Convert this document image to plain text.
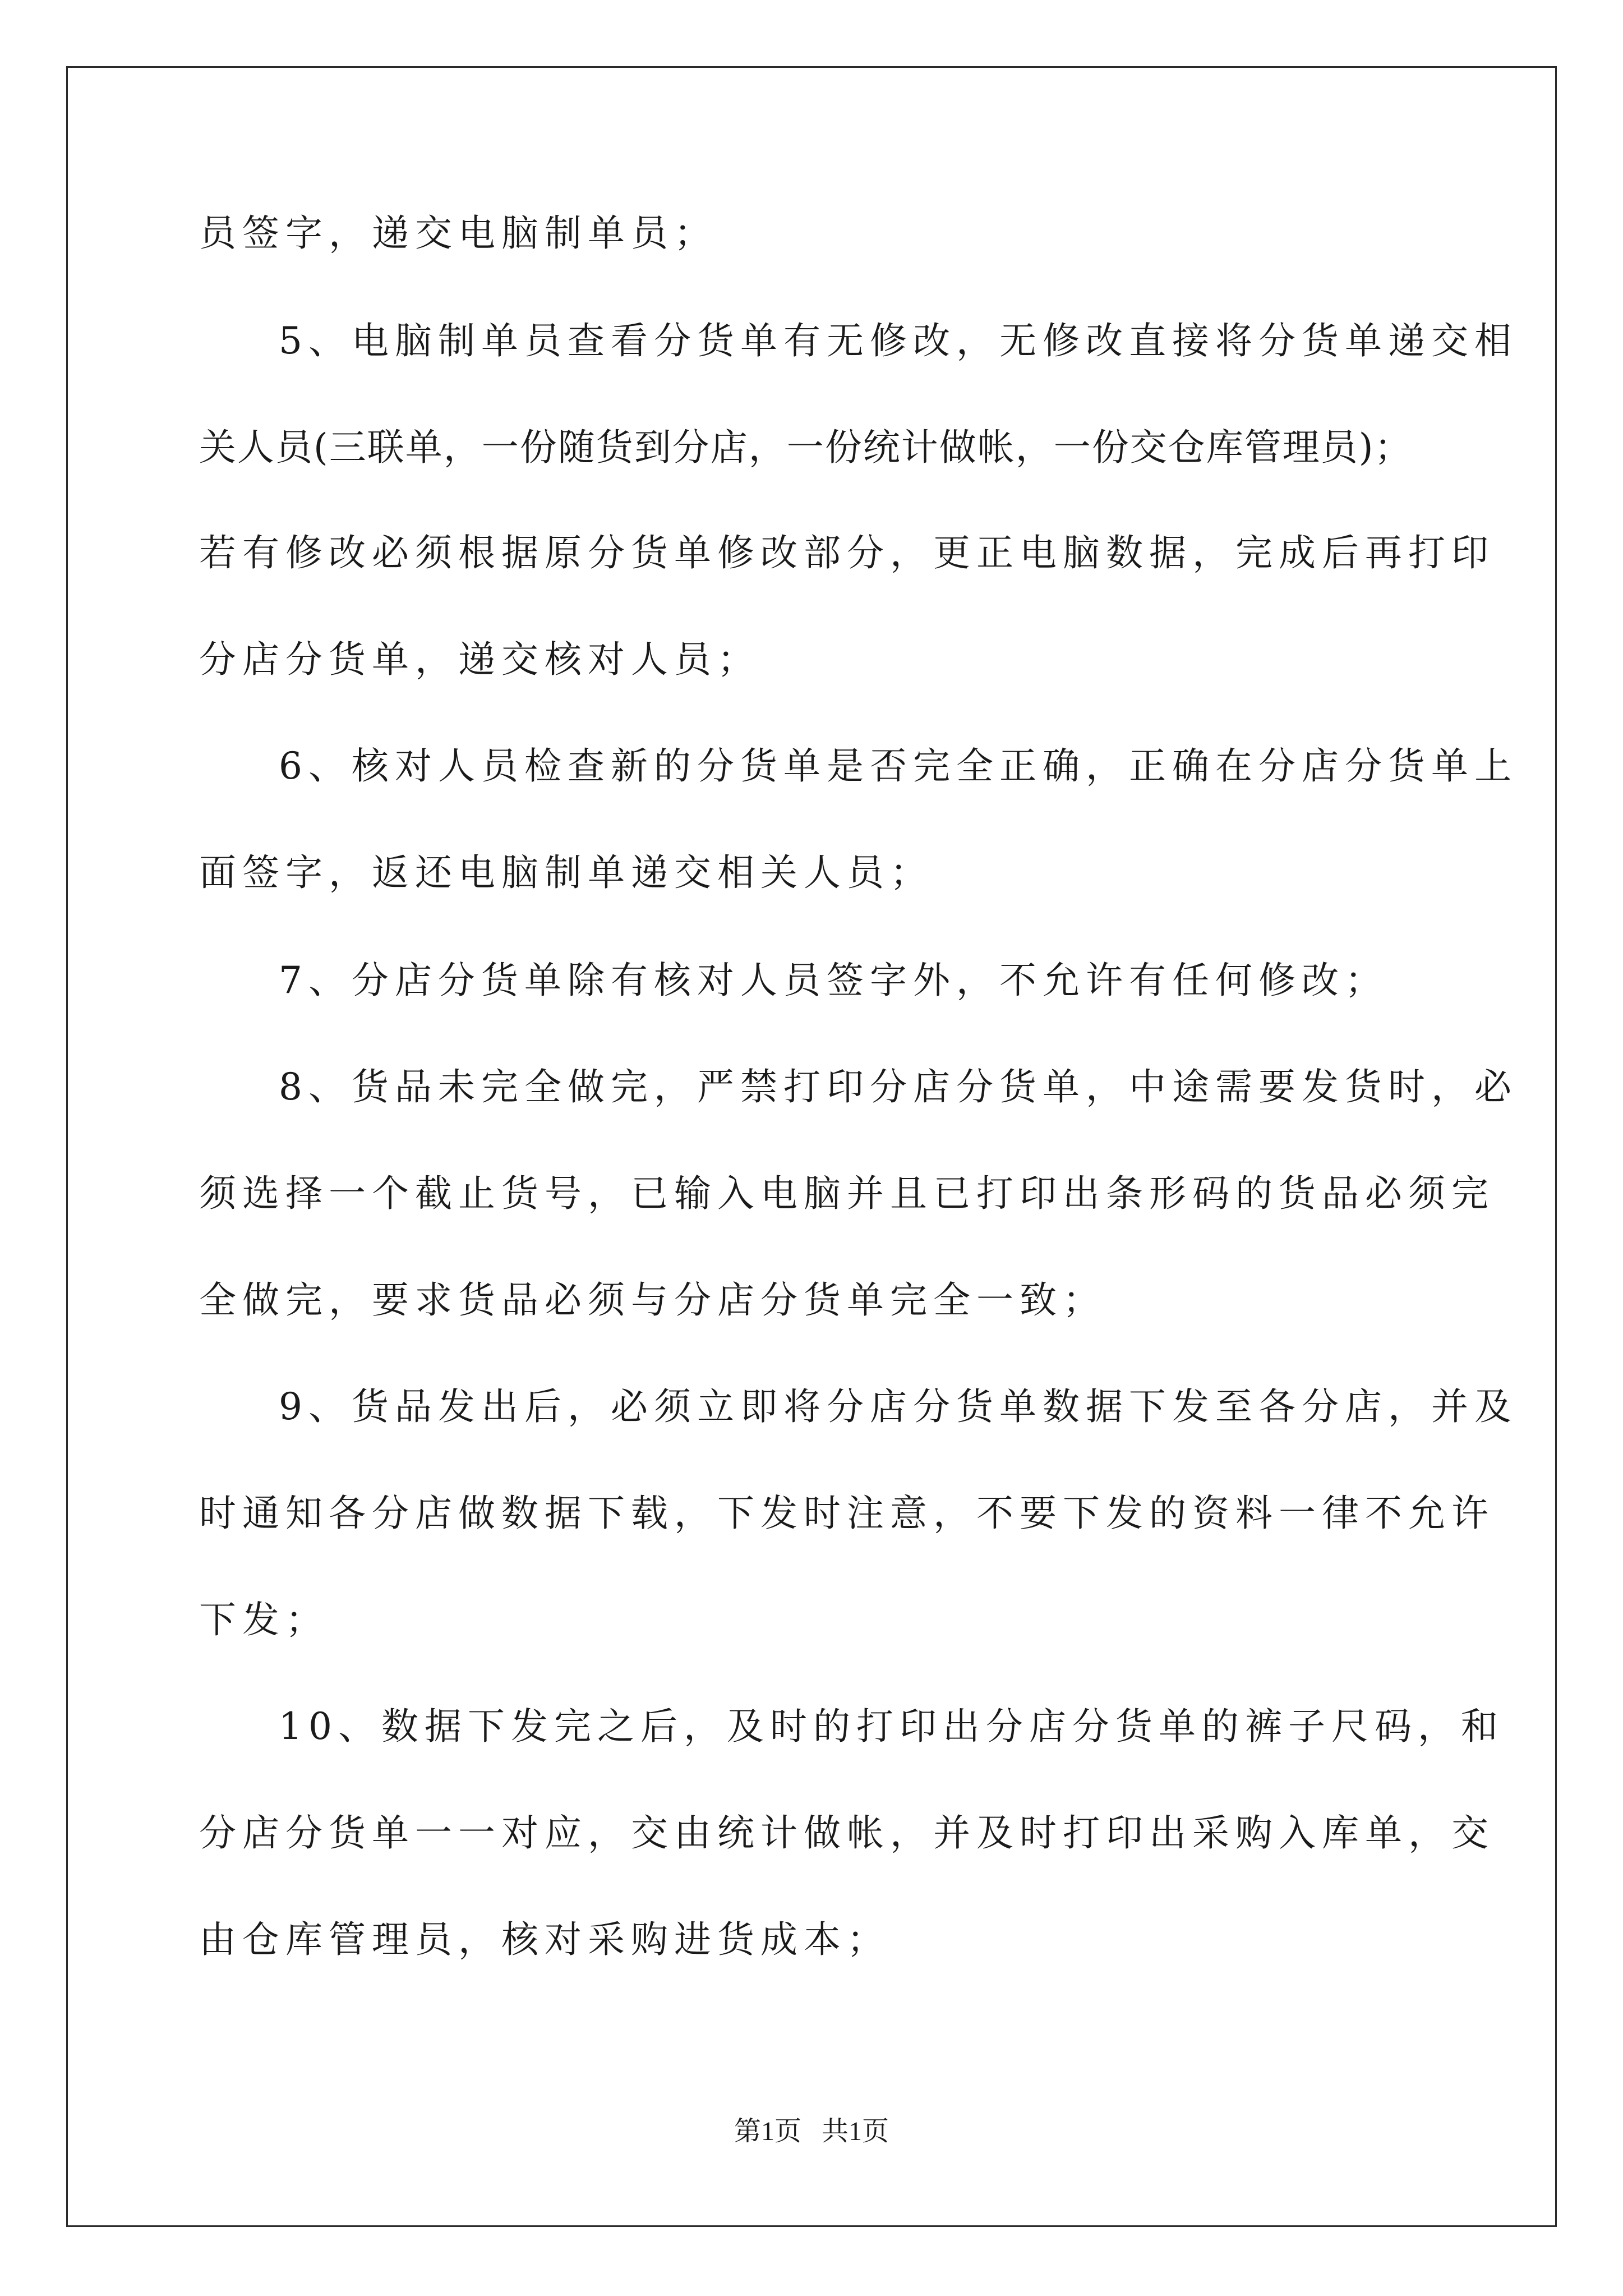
员签字，递交电脑制单员；
5、电脑制单员查看分货单有无修改，无修改直接将分货单递交相
关人员(三联单，一份随货到分店，一份统计做帐，一份交仓库管理员)；
若有修改必须根据原分货单修改部分，更正电脑数据，完成后再打印
分店分货单，递交核对人员；
6、核对人员检查新的分货单是否完全正确，正确在分店分货单上
面签字，返还电脑制单递交相关人员；
7、分店分货单除有核对人员签字外，不允许有任何修改；
8、货品未完全做完，严禁打印分店分货单，中途需要发货时，必
须选择一个截止货号，已输入电脑并且已打印出条形码的货品必须完
全做完，要求货品必须与分店分货单完全一致；
9、货品发出后，必须立即将分店分货单数据下发至各分店，并及
时通知各分店做数据下载，下发时注意，不要下发的资料一律不允许
下发；
10、数据下发完之后，及时的打印出分店分货单的裤子尺码，和
分店分货单一一对应，交由统计做帐，并及时打印出采购入库单，交
由仓库管理员，核对采购进货成本；
第1页   共1页
